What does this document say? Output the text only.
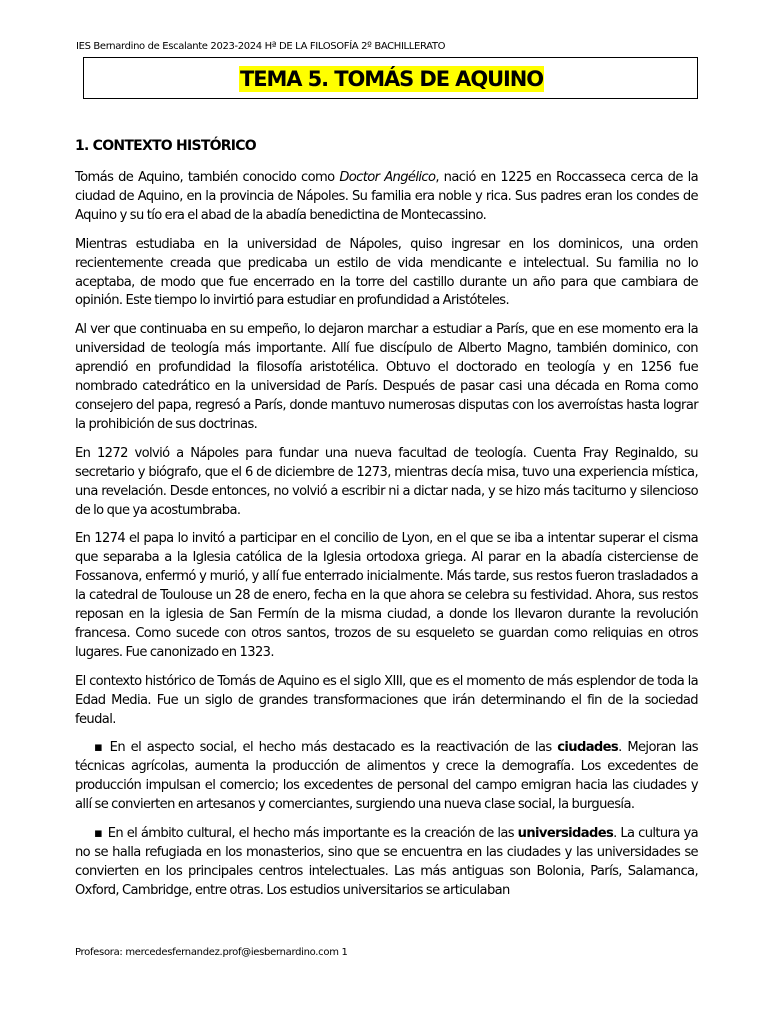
IES Bernardino de Escalante 2023-2024 Hª DE LA FILOSOFÍA 2º BACHILLERATO
TEMA 5. TOMÁS DE AQUINO
1. CONTEXTO HISTÓRICO

Tomás de Aquino, también conocido como Doctor Angélico, nació en 1225 en Roccasseca cerca de la ciudad de Aquino, en la provincia de Nápoles. Su familia era noble y rica. Sus padres eran los condes de Aquino y su tío era el abad de la abadía benedictina de Montecassino.

Mientras estudiaba en la universidad de Nápoles, quiso ingresar en los dominicos, una orden recientemente creada que predicaba un estilo de vida mendicante e intelectual. Su familia no lo aceptaba, de modo que fue encerrado en la torre del castillo durante un año para que cambiara de opinión. Este tiempo lo invirtió para estudiar en profundidad a Aristóteles.

Al ver que continuaba en su empeño, lo dejaron marchar a estudiar a París, que en ese momento era la universidad de teología más importante. Allí fue discípulo de Alberto Magno, también dominico, con aprendió en profundidad la filosofía aristotélica. Obtuvo el doctorado en teología y en 1256 fue nombrado catedrático en la universidad de París. Después de pasar casi una década en Roma como consejero del papa, regresó a París, donde mantuvo numerosas disputas con los averroístas hasta lograr la prohibición de sus doctrinas.

En 1272 volvió a Nápoles para fundar una nueva facultad de teología. Cuenta Fray Reginaldo, su secretario y biógrafo, que el 6 de diciembre de 1273, mientras decía misa, tuvo una experiencia mística, una revelación. Desde entonces, no volvió a escribir ni a dictar nada, y se hizo más taciturno y silencioso de lo que ya acostumbraba.

En 1274 el papa lo invitó a participar en el concilio de Lyon, en el que se iba a intentar superar el cisma que separaba a la Iglesia católica de la Iglesia ortodoxa griega. Al parar en la abadía cisterciense de Fossanova, enfermó y murió, y allí fue enterrado inicialmente. Más tarde, sus restos fueron trasladados a la catedral de Toulouse un 28 de enero, fecha en la que ahora se celebra su festividad. Ahora, sus restos reposan en la iglesia de San Fermín de la misma ciudad, a donde los llevaron durante la revolución francesa. Como sucede con otros santos, trozos de su esqueleto se guardan como reliquias en otros lugares. Fue canonizado en 1323.

El contexto histórico de Tomás de Aquino es el siglo XIII, que es el momento de más esplendor de toda la Edad Media. Fue un siglo de grandes transformaciones que irán determinando el fin de la sociedad feudal.

▪ En el aspecto social, el hecho más destacado es la reactivación de las ciudades. Mejoran las técnicas agrícolas, aumenta la producción de alimentos y crece la demografía. Los excedentes de producción impulsan el comercio; los excedentes de personal del campo emigran hacia las ciudades y allí se convierten en artesanos y comerciantes, surgiendo una nueva clase social, la burguesía.

▪ En el ámbito cultural, el hecho más importante es la creación de las universidades. La cultura ya no se halla refugiada en los monasterios, sino que se encuentra en las ciudades y las universidades se convierten en los principales centros intelectuales. Las más antiguas son Bolonia, París, Salamanca, Oxford, Cambridge, entre otras. Los estudios universitarios se articulaban

Profesora: mercedesfernandez.prof@iesbernardino.com 1
